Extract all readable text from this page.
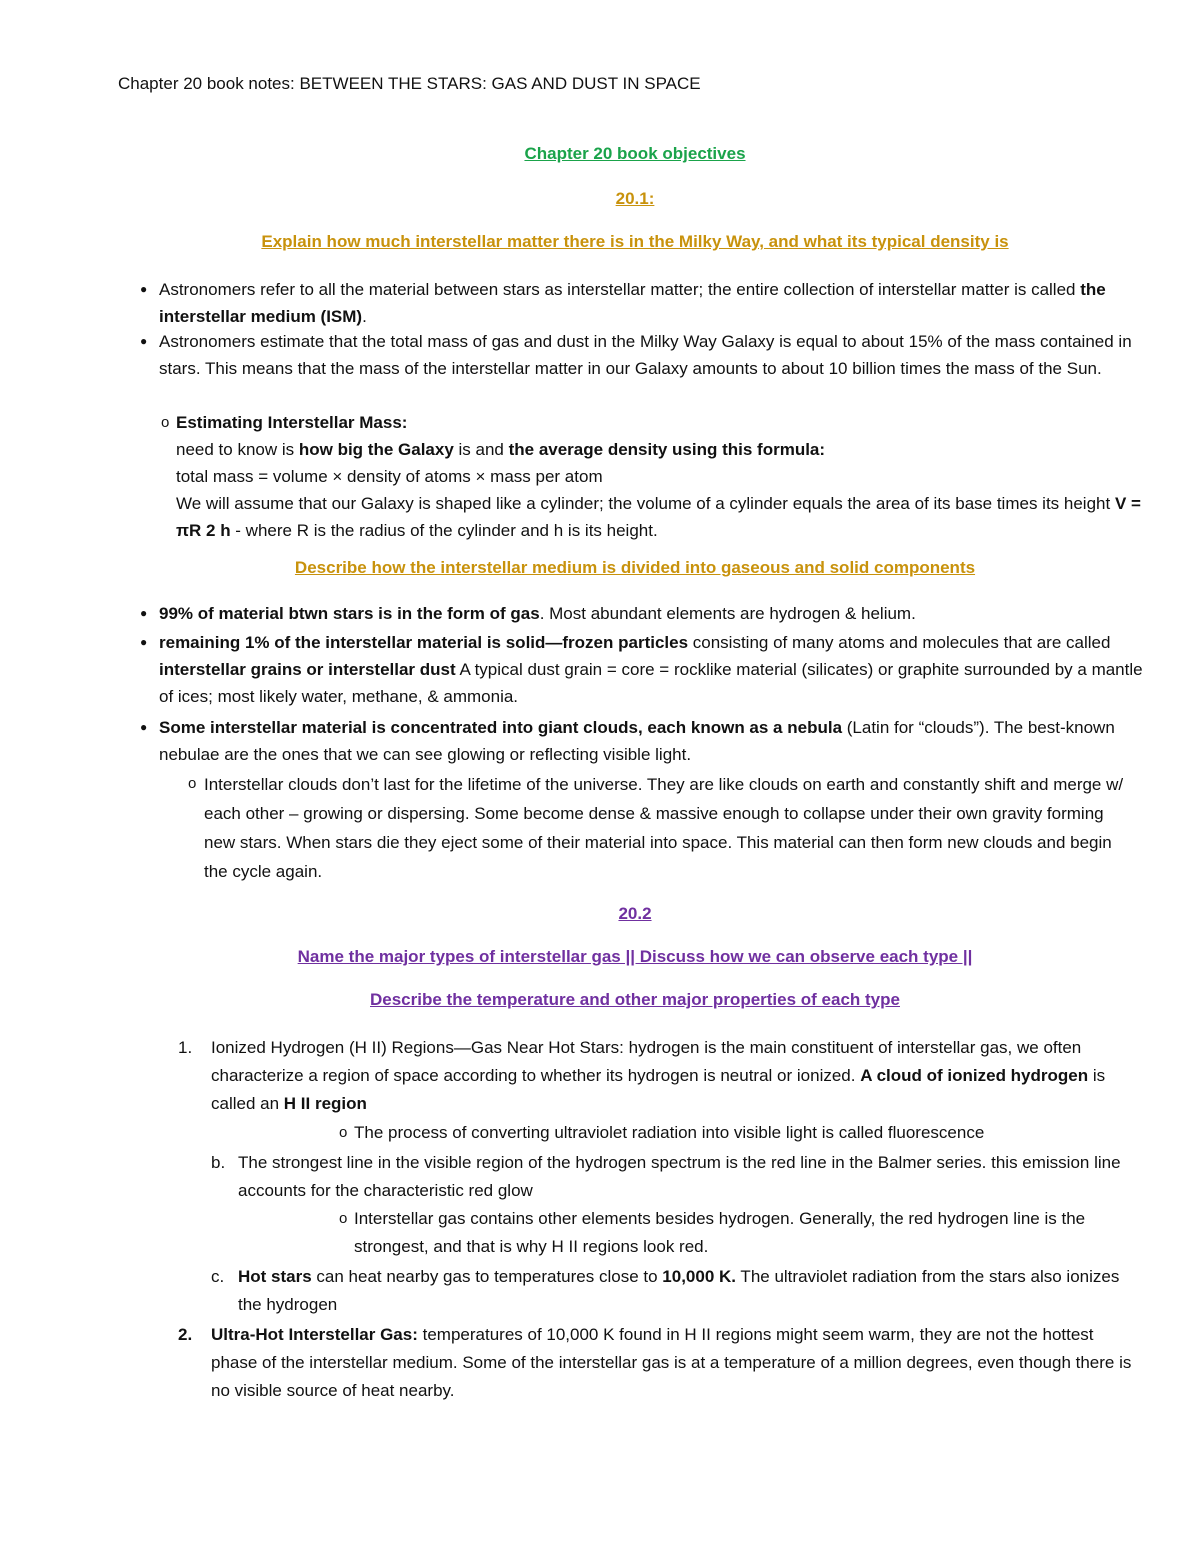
Chapter 20 book notes: BETWEEN THE STARS: GAS AND DUST IN SPACE
Chapter 20 book objectives
20.1:
Explain how much interstellar matter there is in the Milky Way, and what its typical density is
● Astronomers refer to all the material between stars as interstellar matter; the entire collection of interstellar matter is called the interstellar medium (ISM).
● Astronomers estimate that the total mass of gas and dust in the Milky Way Galaxy is equal to about 15% of the mass contained in stars. This means that the mass of the interstellar matter in our Galaxy amounts to about 10 billion times the mass of the Sun.
o Estimating Interstellar Mass:
need to know is how big the Galaxy is and the average density using this formula:
total mass = volume × density of atoms × mass per atom
We will assume that our Galaxy is shaped like a cylinder; the volume of a cylinder equals the area of its base times its height V = πR 2 h - where R is the radius of the cylinder and h is its height.
Describe how the interstellar medium is divided into gaseous and solid components
● 99% of material btwn stars is in the form of gas. Most abundant elements are hydrogen & helium.
● remaining 1% of the interstellar material is solid—frozen particles consisting of many atoms and molecules that are called interstellar grains or interstellar dust A typical dust grain = core = rocklike material (silicates) or graphite surrounded by a mantle of ices; most likely water, methane, & ammonia.
● Some interstellar material is concentrated into giant clouds, each known as a nebula (Latin for “clouds”). The best-known nebulae are the ones that we can see glowing or reflecting visible light.
o Interstellar clouds don’t last for the lifetime of the universe. They are like clouds on earth and constantly shift and merge w/ each other – growing or dispersing. Some become dense & massive enough to collapse under their own gravity forming new stars. When stars die they eject some of their material into space. This material can then form new clouds and begin the cycle again.
20.2
Name the major types of interstellar gas || Discuss how we can observe each type ||
Describe the temperature and other major properties of each type
1. Ionized Hydrogen (H II) Regions—Gas Near Hot Stars: hydrogen is the main constituent of interstellar gas, we often characterize a region of space according to whether its hydrogen is neutral or ionized. A cloud of ionized hydrogen is called an H II region
o The process of converting ultraviolet radiation into visible light is called fluorescence
b. The strongest line in the visible region of the hydrogen spectrum is the red line in the Balmer series. this emission line accounts for the characteristic red glow
o Interstellar gas contains other elements besides hydrogen. Generally, the red hydrogen line is the strongest, and that is why H II regions look red.
c. Hot stars can heat nearby gas to temperatures close to 10,000 K. The ultraviolet radiation from the stars also ionizes the hydrogen
2. Ultra-Hot Interstellar Gas: temperatures of 10,000 K found in H II regions might seem warm, they are not the hottest phase of the interstellar medium. Some of the interstellar gas is at a temperature of a million degrees, even though there is no visible source of heat nearby.
